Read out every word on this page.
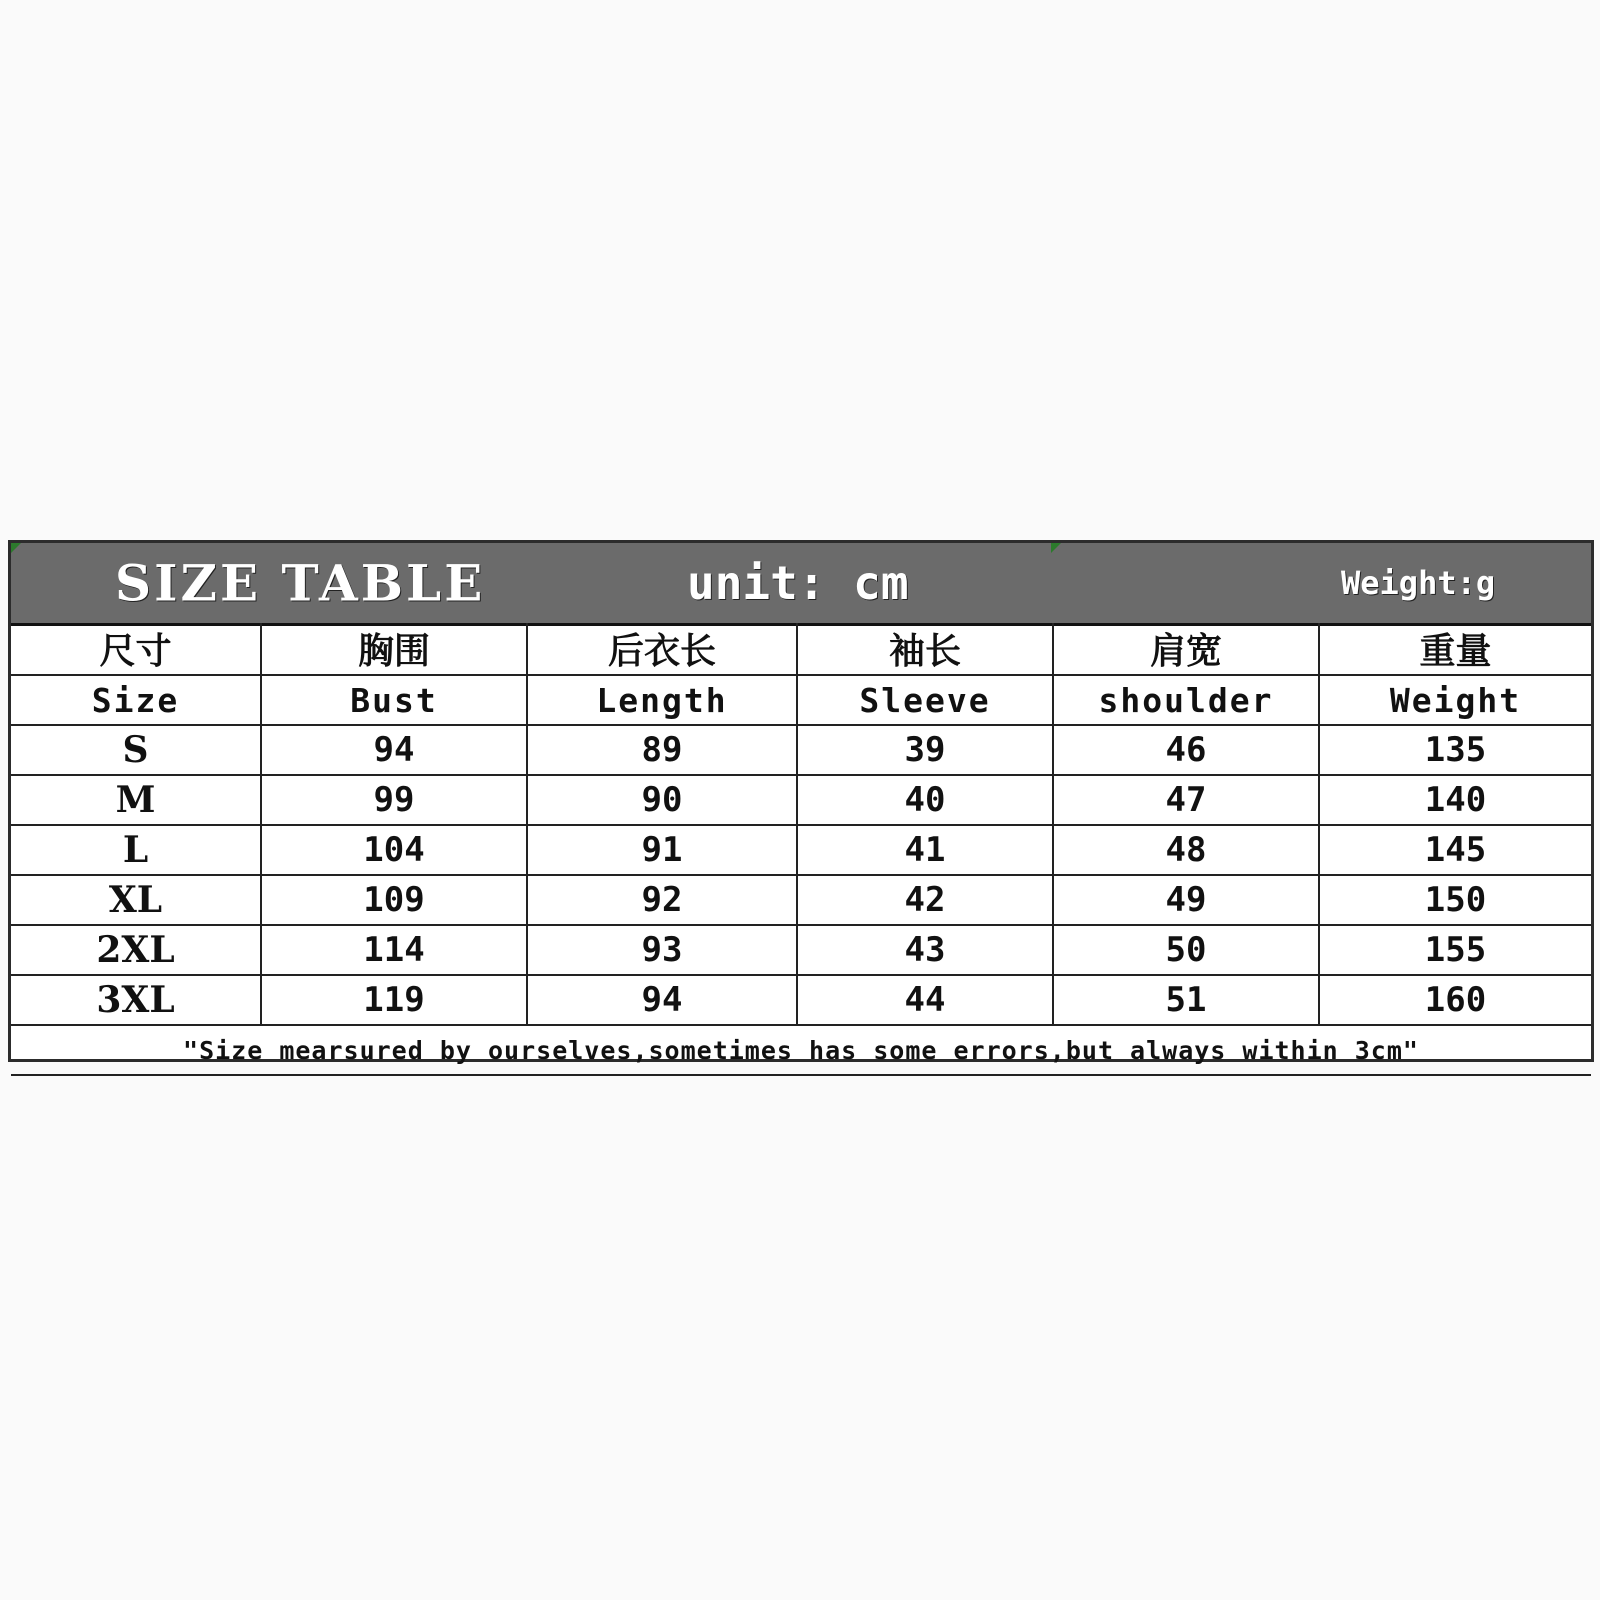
SIZE TABLE	unit: cm	Weight:g
尺寸	胸围	后衣长	袖长	肩宽	重量
Size	Bust	Length	Sleeve	shoulder	Weight
S	94	89	39	46	135
M	99	90	40	47	140
L	104	91	41	48	145
XL	109	92	42	49	150
2XL	114	93	43	50	155
3XL	119	94	44	51	160
"Size mearsured by ourselves,sometimes has some errors,but always within 3cm"					
